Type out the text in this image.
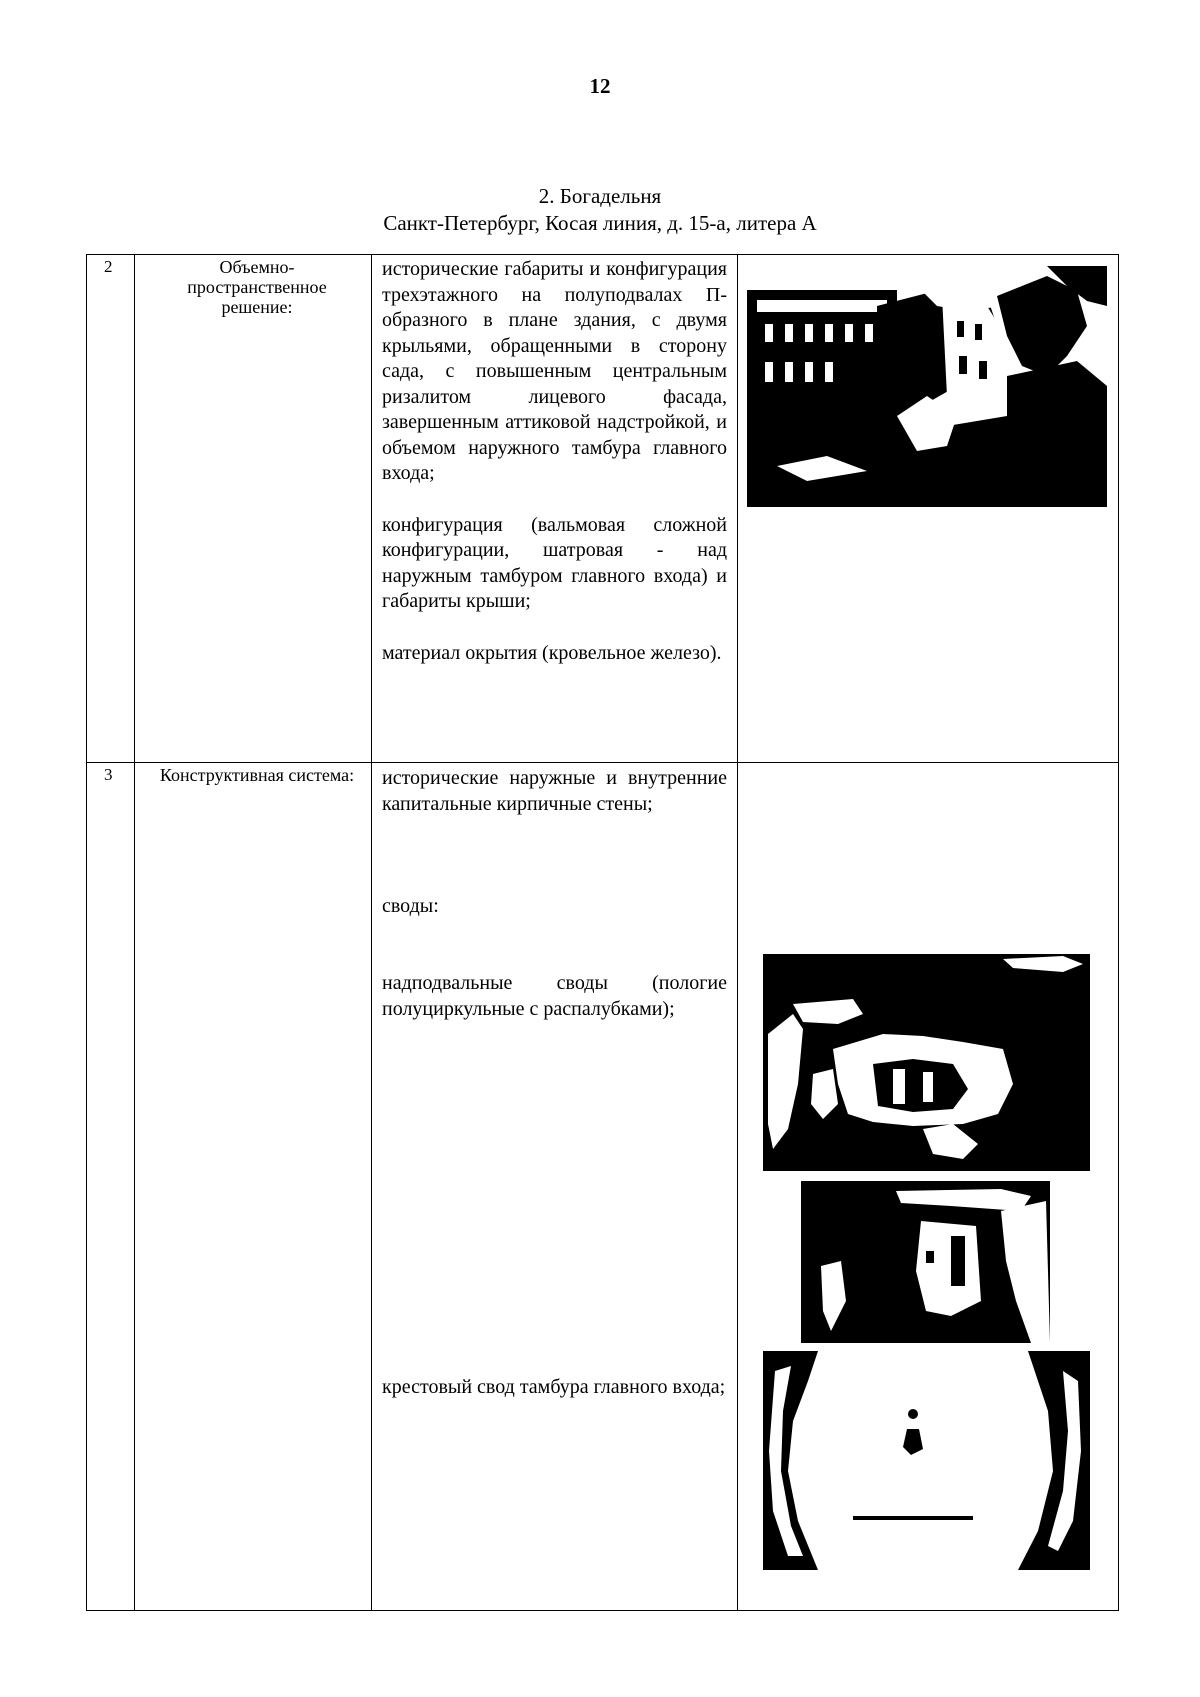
12
2. Богадельня
Санкт-Петербург, Косая линия, д. 15-а, литера А
2	Объемно-пространственное решение:

исторические габариты и конфигурация трехэтажного на полуподвалах П-образного в плане здания, с двумя крыльями, обращенными в сторону сада, с повышенным центральным ризалитом лицевого фасада, завершенным аттиковой надстройкой, и объемом наружного тамбура главного входа;

конфигурация (вальмовая сложной конфигурации, шатровая - над наружным тамбуром главного входа) и габариты крыши;

материал окрытия (кровельное железо).

3	Конструктивная система: исторические наружные и внутренние капитальные кирпичные стены;
своды:
надподвальные своды (пологие полуциркульные с распалубками);
крестовый свод тамбура главного входа;
